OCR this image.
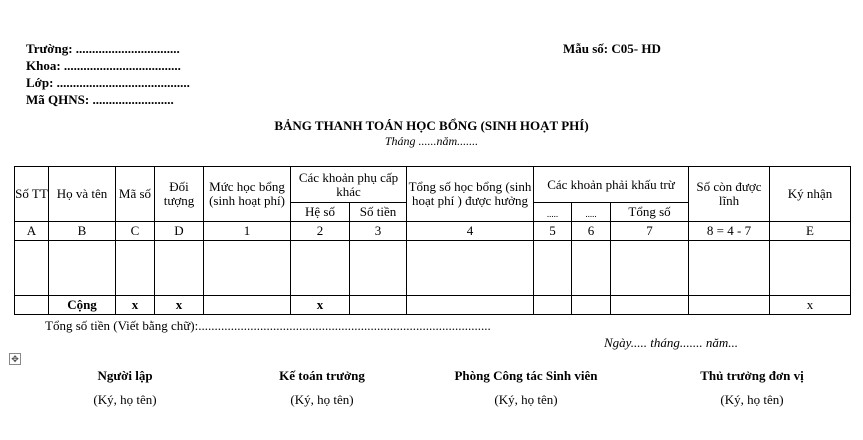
Trường: ................................
Khoa: ....................................
Lớp: .........................................
Mã QHNS: .........................
Mẫu số: C05- HD
BẢNG THANH TOÁN HỌC BỔNG (SINH HOẠT PHÍ)
Tháng ......năm.......
Số TT	Họ và tên	Mã số	Đối tượng	Mức học bổng (sinh hoạt phí)	Các khoản phụ cấp khác		Tổng số học bổng (sinh hoạt phí ) được hưởng	Các khoản phải khấu trừ			Số còn được lĩnh	Ký nhận
					Hệ số	Số tiền		.....	.....	Tổng số		
A	B	C	D	1	2	3	4	5	6	7	8 = 4 - 7	E

	Cộng	x	x		x							x
Tổng số tiền (Viết bằng chữ):..........................................................................................
Ngày..... tháng....... năm...
✥
Người lập
(Ký, họ tên)
Kế toán trưởng
(Ký, họ tên)
Phòng Công tác Sinh viên
(Ký, họ tên)
Thủ trưởng đơn vị
(Ký, họ tên)
